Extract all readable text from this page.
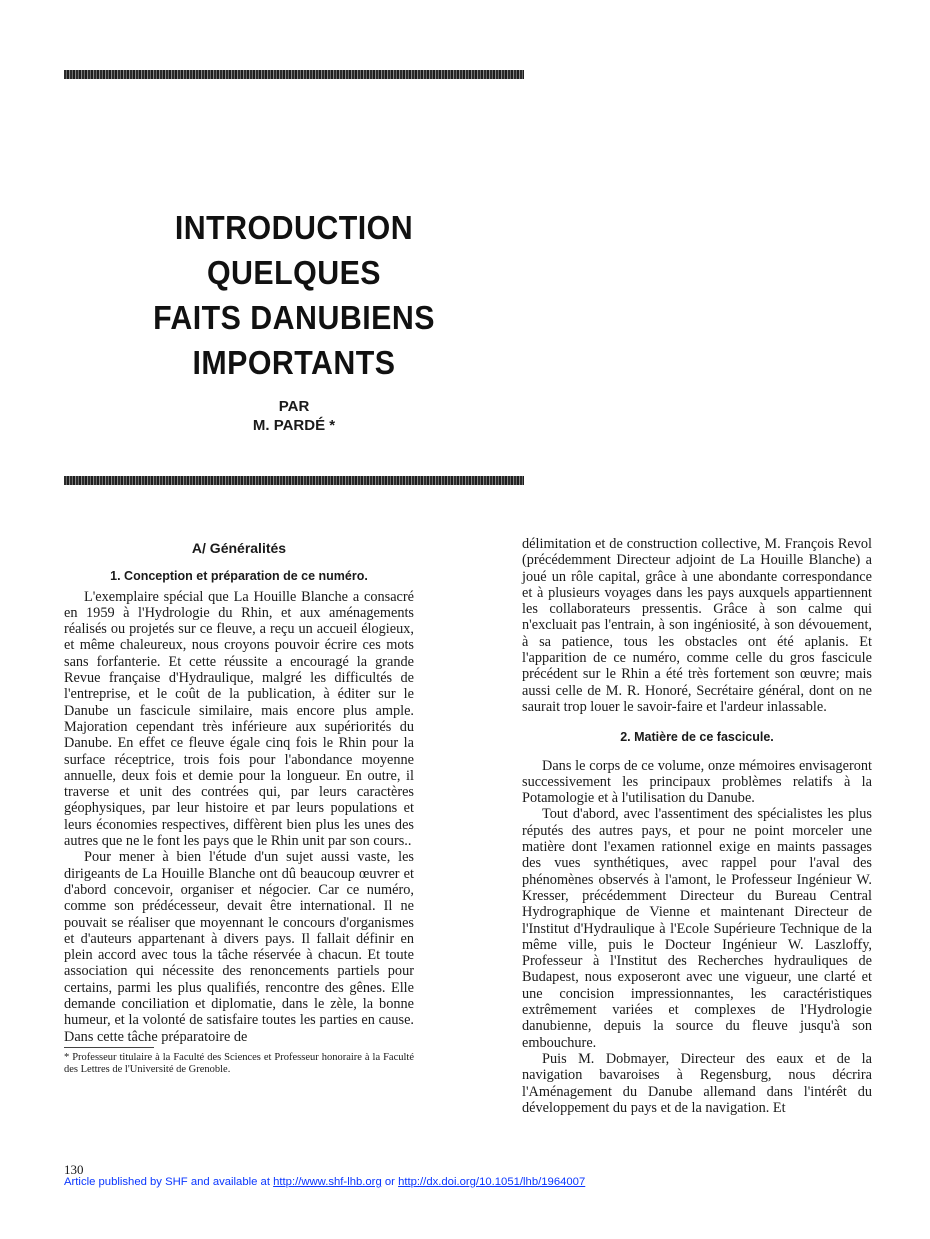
INTRODUCTION
QUELQUES
FAITS DANUBIENS
IMPORTANTS
PAR
M. PARDÉ *
A/ Généralités
1. Conception et préparation de ce numéro.

L'exemplaire spécial que La Houille Blanche a consacré en 1959 à l'Hydrologie du Rhin, et aux aménagements réalisés ou projetés sur ce fleuve, a reçu un accueil élogieux, et même chaleureux, nous croyons pouvoir écrire ces mots sans forfanterie. Et cette réussite a encouragé la grande Revue française d'Hydraulique, malgré les difficultés de l'entreprise, et le coût de la publication, à éditer sur le Danube un fascicule similaire, mais encore plus ample. Majoration cependant très inférieure aux supériorités du Danube. En effet ce fleuve égale cinq fois le Rhin pour la surface réceptrice, trois fois pour l'abondance moyenne annuelle, deux fois et demie pour la longueur. En outre, il traverse et unit des contrées qui, par leurs caractères géophysiques, par leur histoire et par leurs populations et leurs économies respectives, diffèrent bien plus les unes des autres que ne le font les pays que le Rhin unit par son cours..

Pour mener à bien l'étude d'un sujet aussi vaste, les dirigeants de La Houille Blanche ont dû beaucoup œuvrer et d'abord concevoir, organiser et négocier. Car ce numéro, comme son prédécesseur, devait être international. Il ne pouvait se réaliser que moyennant le concours d'organismes et d'auteurs appartenant à divers pays. Il fallait définir en plein accord avec tous la tâche réservée à chacun. Et toute association qui nécessite des renoncements partiels pour certains, parmi les plus qualifiés, rencontre des gênes. Elle demande conciliation et diplomatie, dans le zèle, la bonne humeur, et la volonté de satisfaire toutes les parties en cause. Dans cette tâche préparatoire de

* Professeur titulaire à la Faculté des Sciences et Professeur honoraire à la Faculté des Lettres de l'Université de Grenoble.

délimitation et de construction collective, M. François Revol (précédemment Directeur adjoint de La Houille Blanche) a joué un rôle capital, grâce à une abondante correspondance et à plusieurs voyages dans les pays auxquels appartiennent les collaborateurs pressentis. Grâce à son calme qui n'excluait pas l'entrain, à son ingéniosité, à son dévouement, à sa patience, tous les obstacles ont été aplanis. Et l'apparition de ce numéro, comme celle du gros fascicule précédent sur le Rhin a été très fortement son œuvre; mais aussi celle de M. R. Honoré, Secrétaire général, dont on ne saurait trop louer le savoir-faire et l'ardeur inlassable.

2. Matière de ce fascicule.

Dans le corps de ce volume, onze mémoires envisageront successivement les principaux problèmes relatifs à la Potamologie et à l'utilisation du Danube.

Tout d'abord, avec l'assentiment des spécialistes les plus réputés des autres pays, et pour ne point morceler une matière dont l'examen rationnel exige en maints passages des vues synthétiques, avec rappel pour l'aval des phénomènes observés à l'amont, le Professeur Ingénieur W. Kresser, précédemment Directeur du Bureau Central Hydrographique de Vienne et maintenant Directeur de l'Institut d'Hydraulique à l'Ecole Supérieure Technique de la même ville, puis le Docteur Ingénieur W. Laszloffy, Professeur à l'Institut des Recherches hydrauliques de Budapest, nous exposeront avec une vigueur, une clarté et une concision impressionnantes, les caractéristiques extrêmement variées et complexes de l'Hydrologie danubienne, depuis la source du fleuve jusqu'à son embouchure.

Puis M. Dobmayer, Directeur des eaux et de la navigation bavaroises à Regensburg, nous décrira l'Aménagement du Danube allemand dans l'intérêt du développement du pays et de la navigation. Et

130
Article published by SHF and available at http://www.shf-lhb.org or http://dx.doi.org/10.1051/lhb/1964007
